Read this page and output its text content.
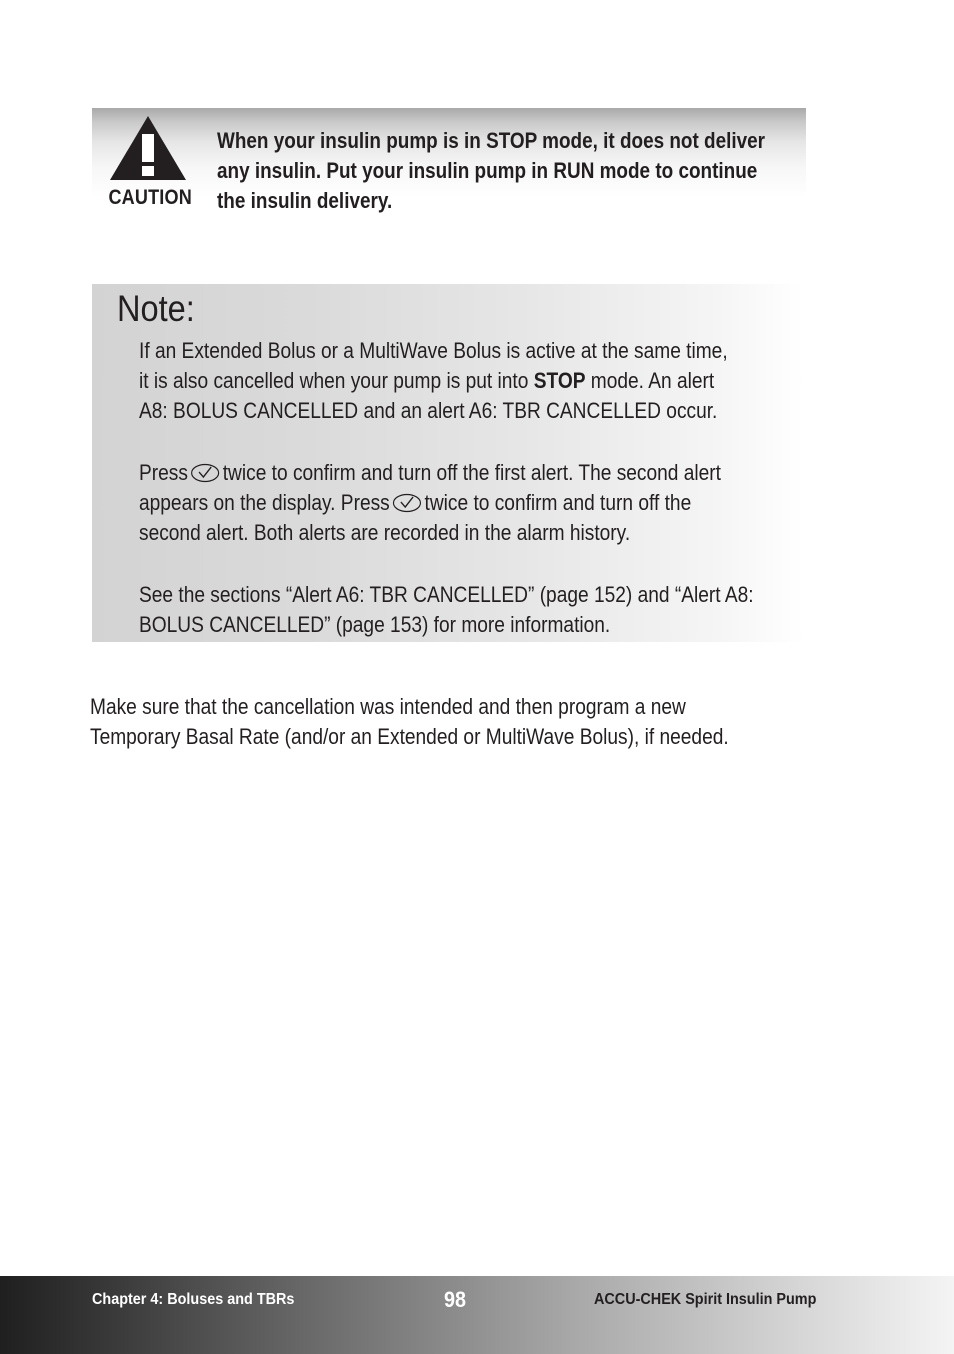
CAUTION
When your insulin pump is in STOP mode, it does not deliver
any insulin. Put your insulin pump in RUN mode to continue
the insulin delivery.
Note:

If an Extended Bolus or a MultiWave Bolus is active at the same time,
it is also cancelled when your pump is put into STOP mode. An alert
A8: BOLUS CANCELLED and an alert A6: TBR CANCELLED occur.

Press twice to confirm and turn off the first alert. The second alert
appears on the display. Press twice to confirm and turn off the
second alert. Both alerts are recorded in the alarm history.

See the sections “Alert A6: TBR CANCELLED” (page 152) and “Alert A8:
BOLUS CANCELLED” (page 153) for more information.

Make sure that the cancellation was intended and then program a new
Temporary Basal Rate (and/or an Extended or MultiWave Bolus), if needed.
Chapter 4: Boluses and TBRs	98	ACCU-CHEK Spirit Insulin Pump
